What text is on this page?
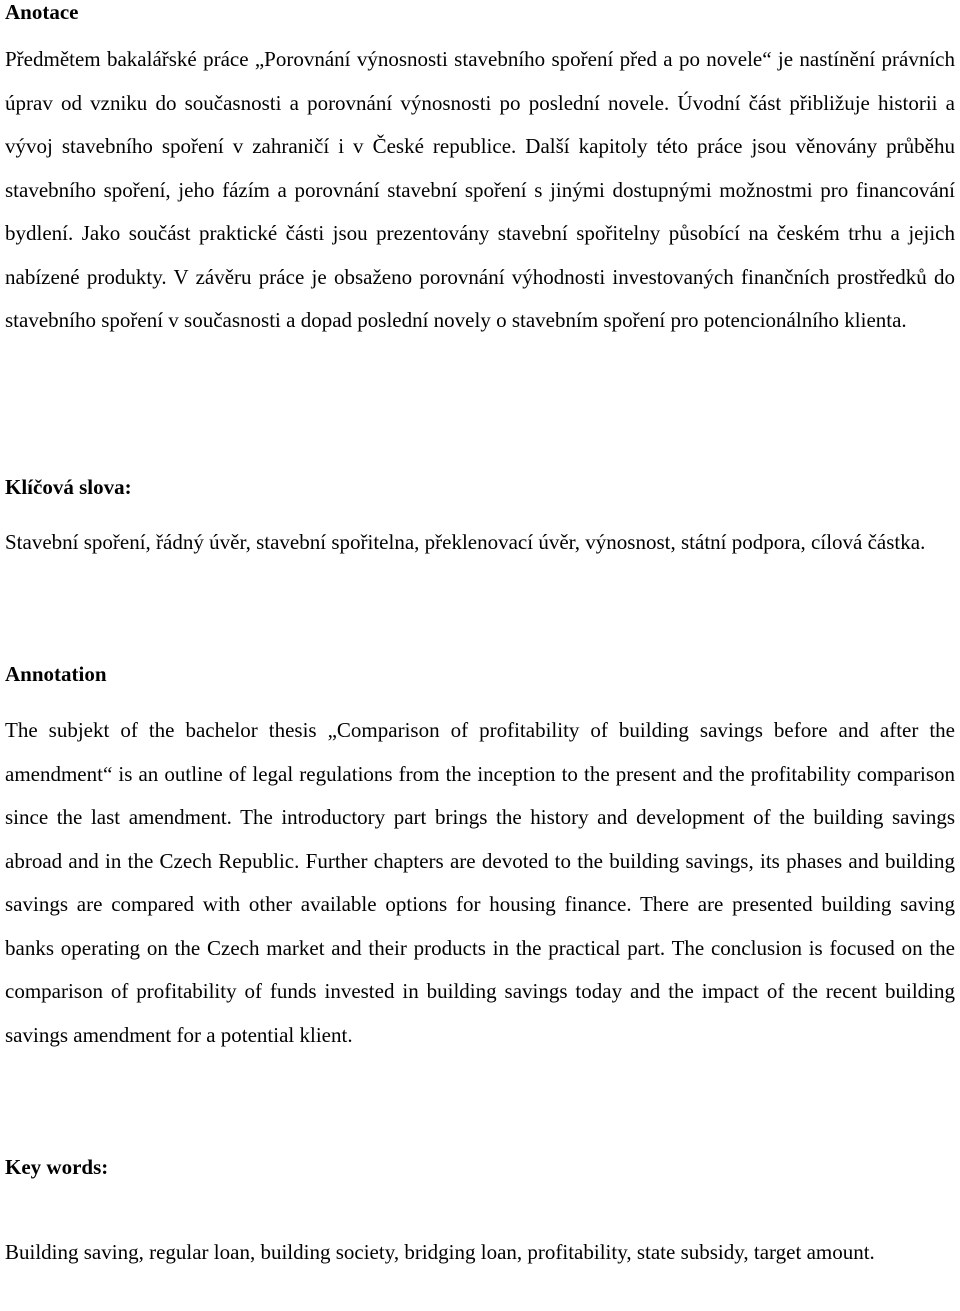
Anotace

Předmětem bakalářské práce „Porovnání výnosnosti stavebního spoření před a po novele“ je nastínění právních úprav od vzniku do současnosti a porovnání výnosnosti po poslední novele. Úvodní část přibližuje historii a vývoj stavebního spoření v zahraničí i v České republice. Další kapitoly této práce jsou věnovány průběhu stavebního spoření, jeho fázím a porovnání stavební spoření s jinými dostupnými možnostmi pro financování bydlení. Jako součást praktické části jsou prezentovány stavební spořitelny působící na českém trhu a jejich nabízené produkty. V závěru práce je obsaženo porovnání výhodnosti investovaných finančních prostředků do stavebního spoření v současnosti a dopad poslední novely o stavebním spoření pro potencionálního klienta.

Klíčová slova:

Stavební spoření, řádný úvěr, stavební spořitelna, překlenovací úvěr, výnosnost, státní podpora, cílová částka.

Annotation

The subjekt of the bachelor thesis „Comparison of profitability of building savings before and after the amendment“ is an outline of legal regulations from the inception to the present and the profitability comparison since the last amendment. The introductory part brings the history and development of the building savings abroad and in the Czech Republic. Further chapters are devoted to the building savings, its phases and building savings are compared with other available options for housing finance. There are presented building saving banks operating on the Czech market and their products in the practical part. The conclusion is focused on the comparison of profitability of funds invested in building savings today and the impact of the recent building savings amendment for a potential klient.

Key words:

Building saving, regular loan, building society, bridging loan, profitability, state subsidy, target amount.
